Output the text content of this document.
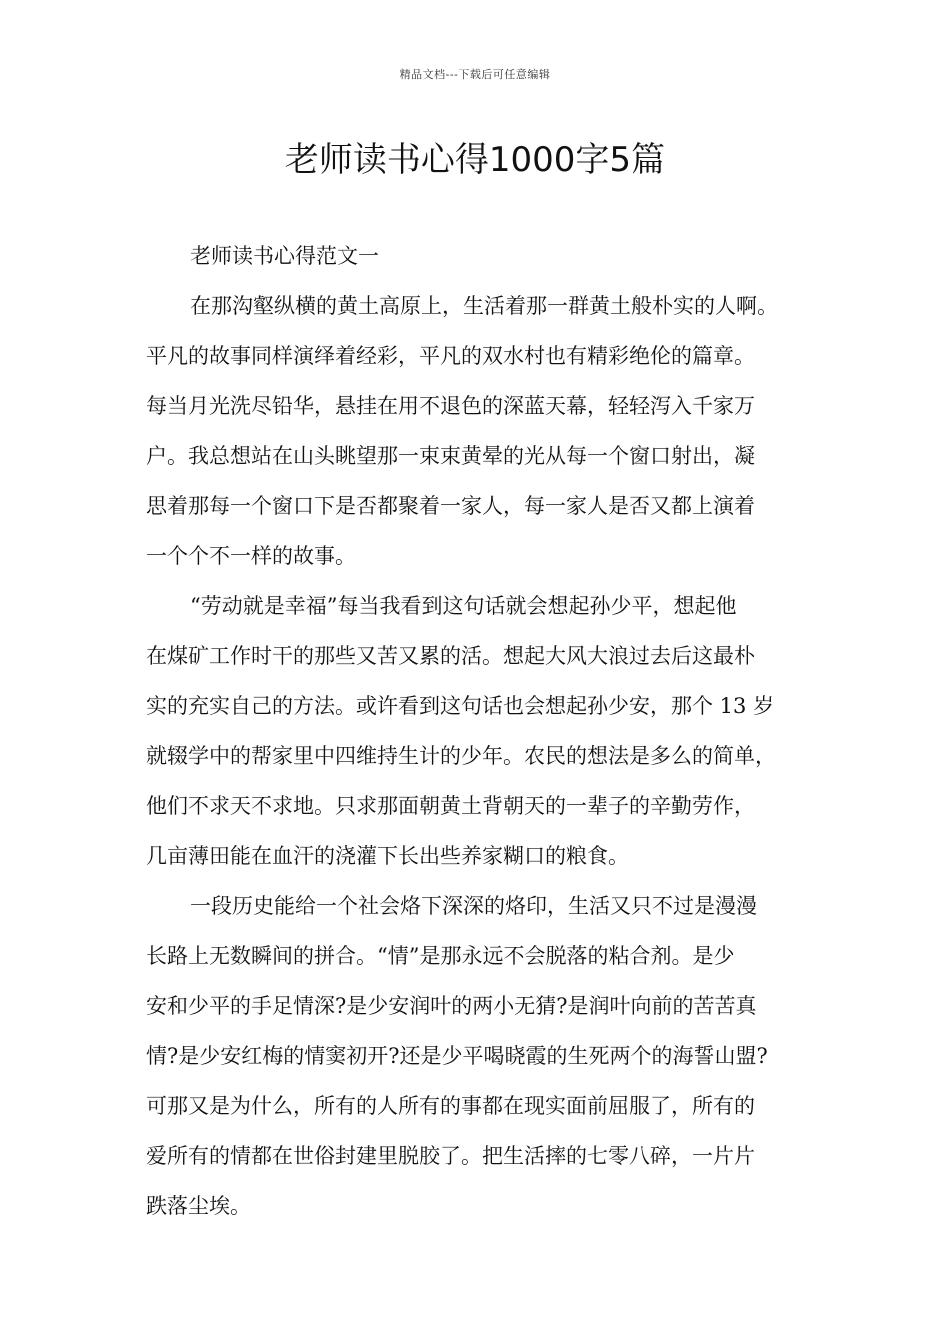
精品文档---下载后可任意编辑
老师读书心得1000字5篇
老师读书心得范文一
在那沟壑纵横的黄土高原上，生活着那一群黄土般朴实的人啊。
平凡的故事同样演绎着经彩，平凡的双水村也有精彩绝伦的篇章。
每当月光洗尽铅华，悬挂在用不退色的深蓝天幕，轻轻泻入千家万
户。我总想站在山头眺望那一束束黄晕的光从每一个窗口射出，凝
思着那每一个窗口下是否都聚着一家人，每一家人是否又都上演着
一个个不一样的故事。
“劳动就是幸福”每当我看到这句话就会想起孙少平，想起他
在煤矿工作时干的那些又苦又累的活。想起大风大浪过去后这最朴
实的充实自己的方法。或许看到这句话也会想起孙少安，那个 13 岁
就辍学中的帮家里中四维持生计的少年。农民的想法是多么的简单，
他们不求天不求地。只求那面朝黄土背朝天的一辈子的辛勤劳作，
几亩薄田能在血汗的浇灌下长出些养家糊口的粮食。
一段历史能给一个社会烙下深深的烙印，生活又只不过是漫漫
长路上无数瞬间的拼合。“情”是那永远不会脱落的粘合剂。是少
安和少平的手足情深?是少安润叶的两小无猜?是润叶向前的苦苦真
情?是少安红梅的情窦初开?还是少平喝晓霞的生死两个的海誓山盟?
可那又是为什么，所有的人所有的事都在现实面前屈服了，所有的
爱所有的情都在世俗封建里脱胶了。把生活摔的七零八碎，一片片
跌落尘埃。
